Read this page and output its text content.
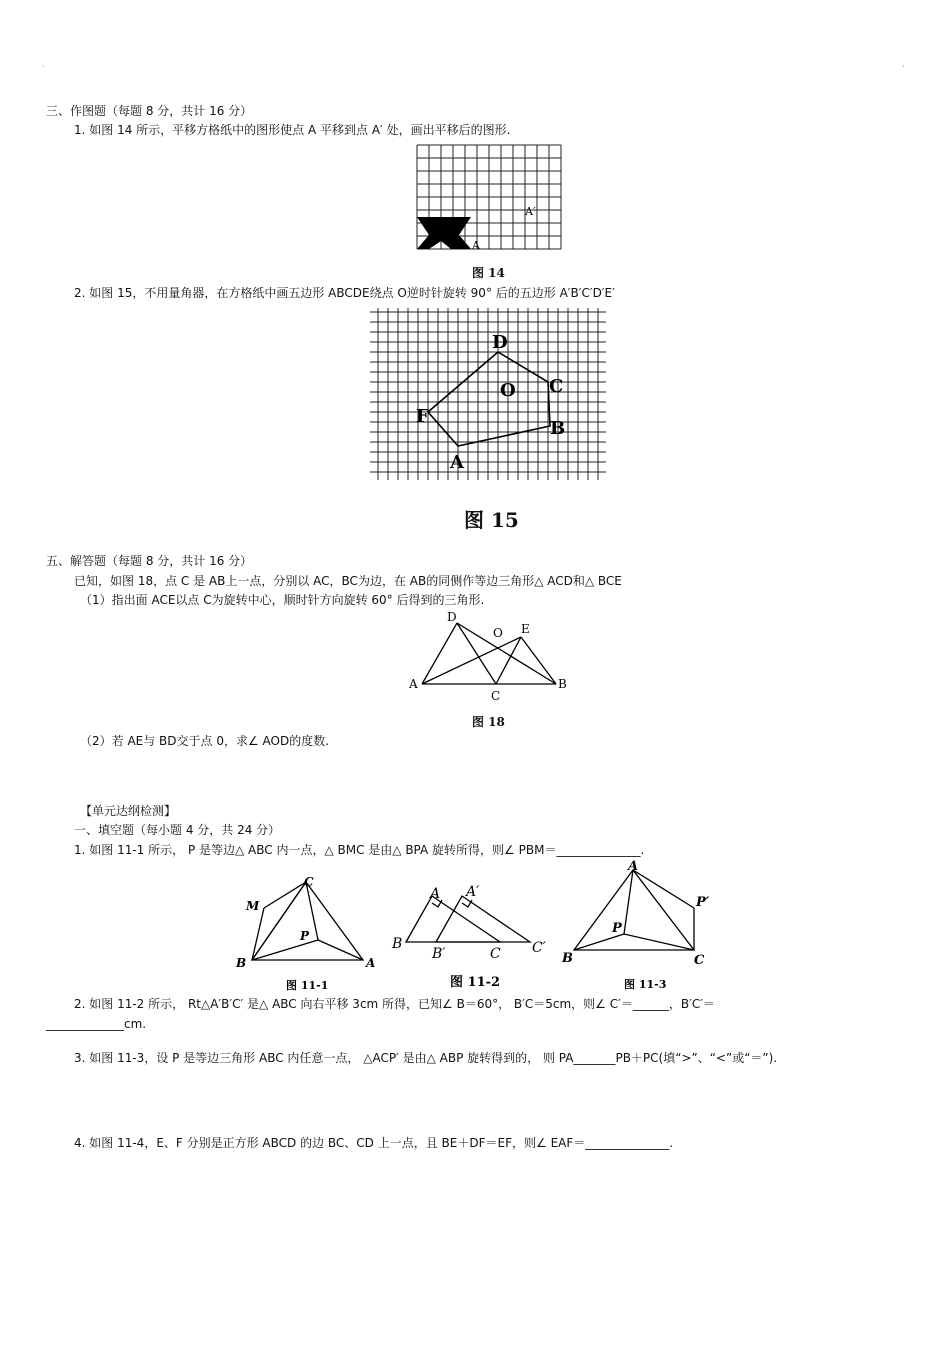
·	·
三、作图题（每题 8 分，共计 16 分）
1. 如图 14 所示，平移方格纸中的图形使点 A 平移到点 A′ 处，画出平移后的图形.
A
A′
图 14
2. 如图 15，不用量角器，在方格纸中画五边形 ABCDE绕点 O逆时针旋转 90° 后的五边形 A′B′C′D′E′
D
O C
F
B
A
图 15
五、解答题（每题 8 分，共计 16 分）
已知，如图 18，点 C 是 AB上一点，分别以 AC，BC为边，在 AB的同侧作等边三角形△ ACD和△ BCE
（1）指出面 ACE以点 C为旋转中心，顺时针方向旋转 60° 后得到的三角形.
D
O E
A
C
B
图 18
（2）若 AE与 BD交于点 0，求∠ AOD的度数.
【单元达纲检测】
一、填空题（每小题 4 分，共 24 分）
1. 如图 11-1 所示， P 是等边△ ABC 内一点，△ BMC 是由△ BPA 旋转所得，则∠ PBM＝______________.
C
M
P
B	A
图 11-1
A A′
B
B′	C C′
图 11-2
A
P′
P
B	C
图 11-3
2. 如图 11-2 所示， Rt△A′B′C′ 是△ ABC 向右平移 3cm 所得，已知∠ B＝60°， B′C＝5cm，则∠ C′＝______，B′C′＝
_____________cm.
3. 如图 11-3，设 P 是等边三角形 ABC 内任意一点， △ACP′ 是由△ ABP 旋转得到的， 则 PA_______PB＋PC(填“>”、“<”或“＝”).
4. 如图 11-4，E、F 分别是正方形 ABCD 的边 BC、CD 上一点，且 BE＋DF＝EF，则∠ EAF＝______________.
